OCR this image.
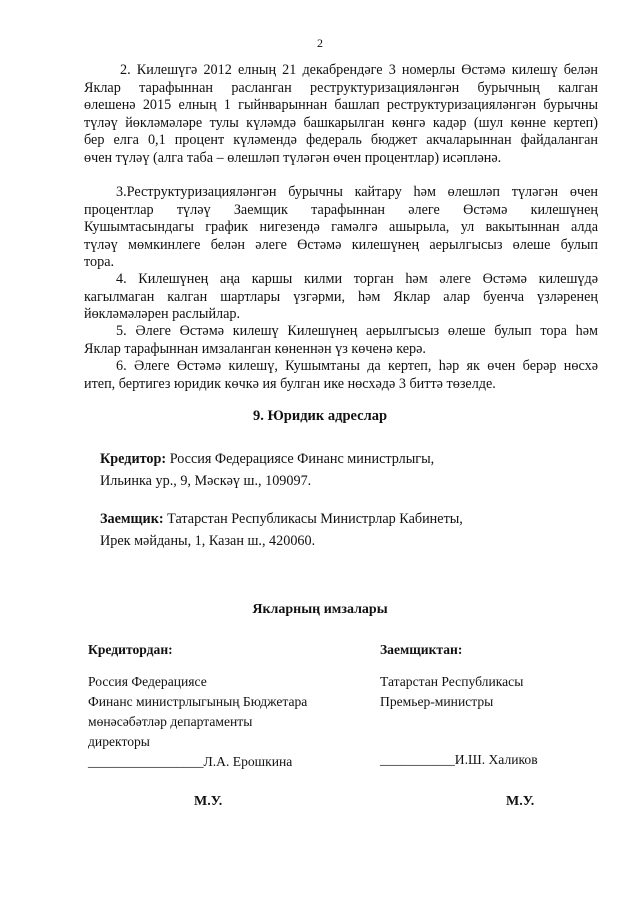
2
2. Килешүгә 2012 елның 21 декабрендәге 3 номерлы Өстәмә килешү белән
Яклар тарафыннан расланган реструктуризацияләнгән бурычның калган
өлешенә 2015 елның 1 гыйнварыннан башлап реструктуризацияләнгән бурычны
түләү йөкләмәләре тулы күләмдә башкарылган көнгә кадәр (шул көнне кертеп)
бер елга 0,1 процент күләмендә федераль бюджет акчаларыннан файдаланган
өчен түләү (алга таба – өлешләп түләгән өчен процентлар) исәпләнә.
3.Реструктуризацияләнгән бурычны кайтару һәм өлешләп түләгән өчен
процентлар түләү Заемщик тарафыннан әлеге Өстәмә килешүнең
Кушымтасындагы график нигезендә гамәлгә ашырыла, ул вакытыннан алда
түләү мөмкинлеге белән әлеге Өстәмә килешүнең аерылгысыз өлеше булып
тора.
4. Килешүнең аңа каршы килми торган һәм әлеге Өстәмә килешүдә
кагылмаган калган шартлары үзгәрми, һәм Яклар алар буенча үзләренең
йөкләмәләрен раслыйлар.
5. Әлеге Өстәмә килешү Килешүнең аерылгысыз өлеше булып тора һәм
Яклар тарафыннан имзаланган көненнән үз көченә керә.
6. Әлеге Өстәмә килешү, Кушымтаны да кертеп, һәр як өчен берәр нөсхә
итеп, бертигез юридик көчкә ия булган ике нөсхәдә 3 биттә төзелде.
9. Юридик адреслар
Кредитор: Россия Федерациясе Финанс министрлыгы,
Ильинка ур., 9, Мәскәү ш., 109097.
Заемщик: Татарстан Республикасы Министрлар Кабинеты,
Ирек мәйданы, 1, Казан ш., 420060.
Якларның имзалары
Кредитордан:
Россия Федерациясе
Финанс министрлыгының Бюджетара
мөнәсәбәтләр департаменты
директоры
_________________Л.А. Ерошкина
Заемщиктан:
Татарстан Республикасы
Премьер-министры
___________И.Ш. Халиков
М.У.	М.У.
